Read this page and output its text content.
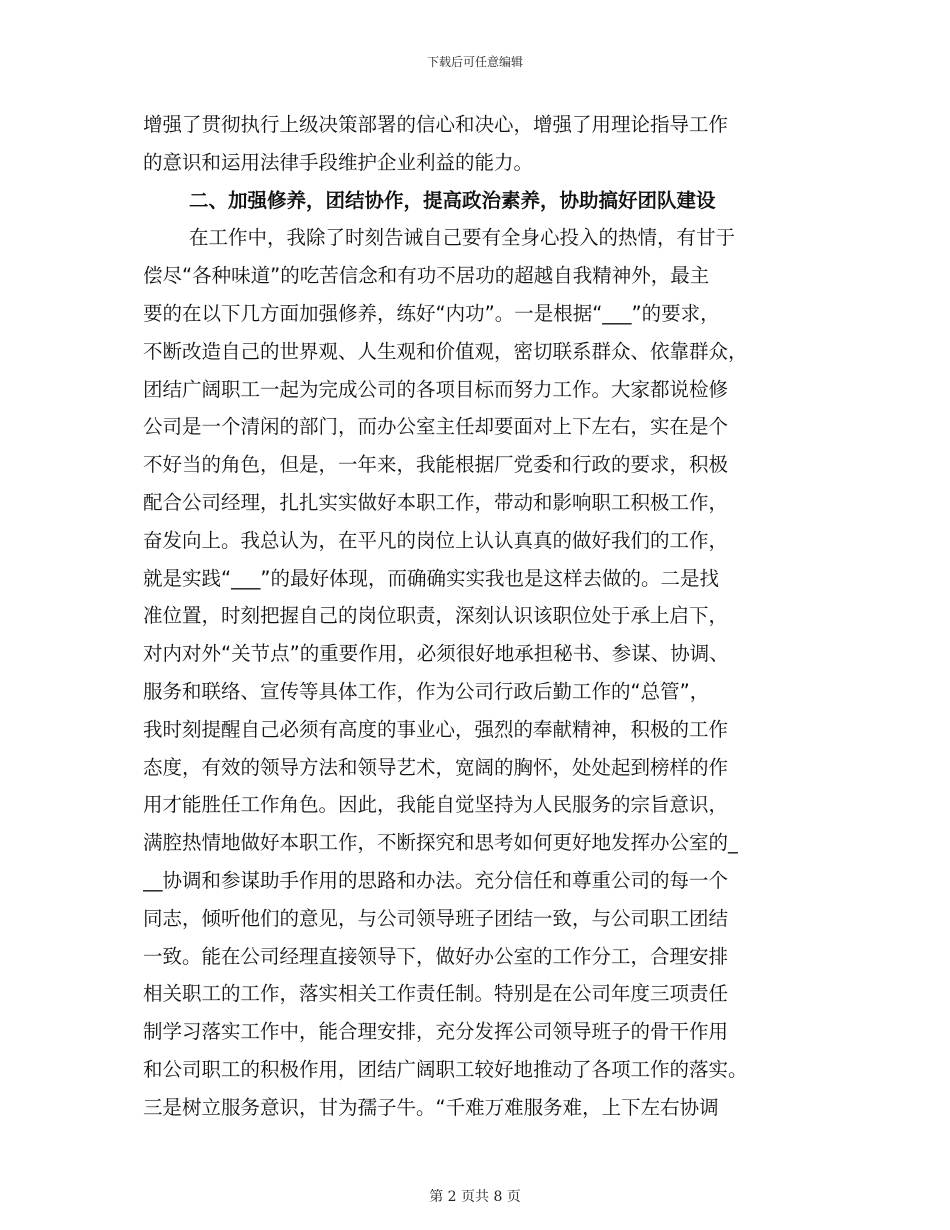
下载后可任意编辑
增强了贯彻执行上级决策部署的信心和决心，增强了用理论指导工作
的意识和运用法律手段维护企业利益的能力。
二、加强修养，团结协作，提高政治素养，协助搞好团队建设
在工作中，我除了时刻告诫自己要有全身心投入的热情，有甘于
偿尽“各种味道”的吃苦信念和有功不居功的超越自我精神外，最主
要的在以下几方面加强修养，练好“内功”。一是根据“___”的要求，
不断改造自己的世界观、人生观和价值观，密切联系群众、依靠群众，
团结广阔职工一起为完成公司的各项目标而努力工作。大家都说检修
公司是一个清闲的部门，而办公室主任却要面对上下左右，实在是个
不好当的角色，但是，一年来，我能根据厂党委和行政的要求，积极
配合公司经理，扎扎实实做好本职工作，带动和影响职工积极工作，
奋发向上。我总认为，在平凡的岗位上认认真真的做好我们的工作，
就是实践“___”的最好体现，而确确实实我也是这样去做的。二是找
准位置，时刻把握自己的岗位职责，深刻认识该职位处于承上启下，
对内对外“关节点”的重要作用，必须很好地承担秘书、参谋、协调、
服务和联络、宣传等具体工作，作为公司行政后勤工作的“总管”，
我时刻提醒自己必须有高度的事业心，强烈的奉献精神，积极的工作
态度，有效的领导方法和领导艺术，宽阔的胸怀，处处起到榜样的作
用才能胜任工作角色。因此，我能自觉坚持为人民服务的宗旨意识，
满腔热情地做好本职工作，不断探究和思考如何更好地发挥办公室的_
__协调和参谋助手作用的思路和办法。充分信任和尊重公司的每一个
同志，倾听他们的意见，与公司领导班子团结一致，与公司职工团结
一致。能在公司经理直接领导下，做好办公室的工作分工，合理安排
相关职工的工作，落实相关工作责任制。特别是在公司年度三项责任
制学习落实工作中，能合理安排，充分发挥公司领导班子的骨干作用
和公司职工的积极作用，团结广阔职工较好地推动了各项工作的落实。
三是树立服务意识，甘为孺子牛。“千难万难服务难，上下左右协调
第 2 页共 8 页
